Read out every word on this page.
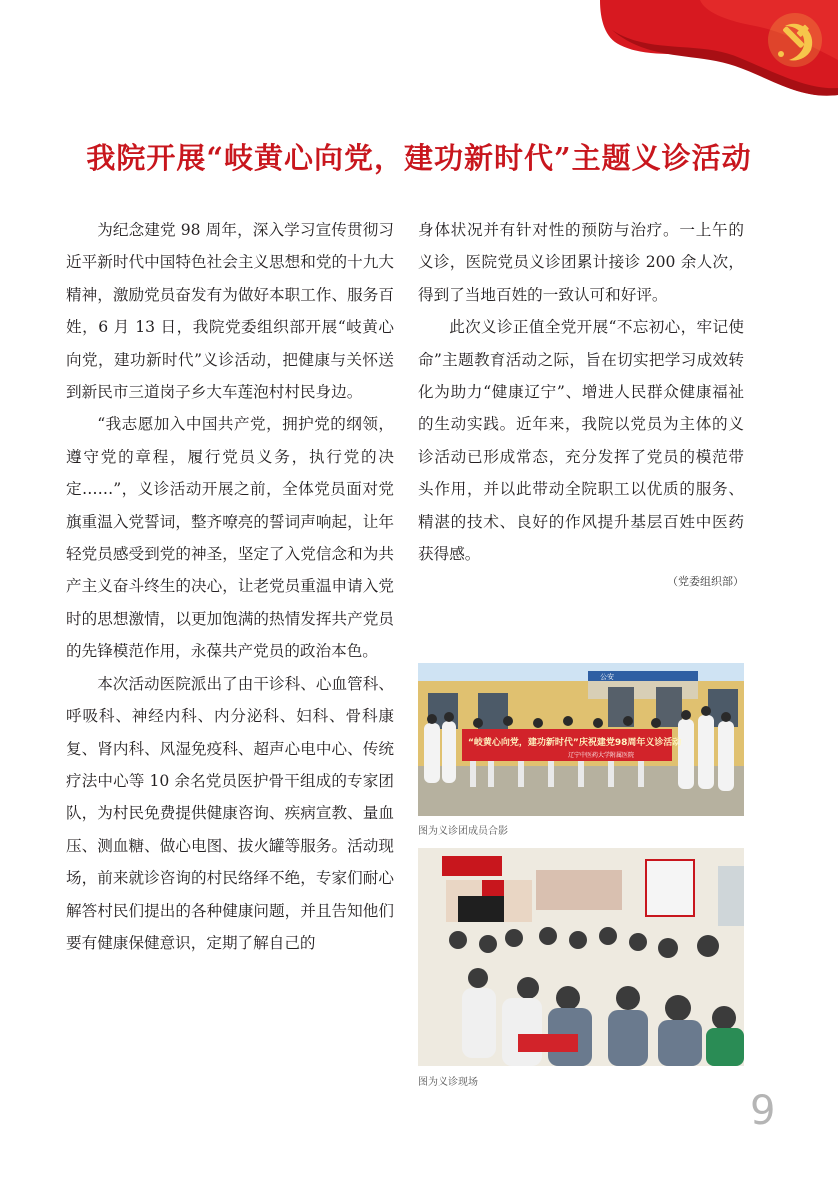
我院开展“岐黄心向党，建功新时代”主题义诊活动

为纪念建党 98 周年，深入学习宣传贯彻习近平新时代中国特色社会主义思想和党的十九大精神，激励党员奋发有为做好本职工作、服务百姓，6 月 13 日，我院党委组织部开展“岐黄心向党，建功新时代”义诊活动，把健康与关怀送到新民市三道岗子乡大车莲泡村村民身边。

“我志愿加入中国共产党，拥护党的纲领，遵守党的章程，履行党员义务，执行党的决定……”，义诊活动开展之前，全体党员面对党旗重温入党誓词，整齐嘹亮的誓词声响起，让年轻党员感受到党的神圣，坚定了入党信念和为共产主义奋斗终生的决心，让老党员重温申请入党时的思想激情，以更加饱满的热情发挥共产党员的先锋模范作用，永葆共产党员的政治本色。

本次活动医院派出了由干诊科、心血管科、呼吸科、神经内科、内分泌科、妇科、骨科康复、肾内科、风湿免疫科、超声心电中心、传统疗法中心等 10 余名党员医护骨干组成的专家团队，为村民免费提供健康咨询、疾病宣教、量血压、测血糖、做心电图、拔火罐等服务。活动现场，前来就诊咨询的村民络绎不绝，专家们耐心解答村民们提出的各种健康问题，并且告知他们要有健康保健意识，定期了解自己的

身体状况并有针对性的预防与治疗。一上午的义诊，医院党员义诊团累计接诊 200 余人次，得到了当地百姓的一致认可和好评。

此次义诊正值全党开展“不忘初心，牢记使命”主题教育活动之际，旨在切实把学习成效转化为助力“健康辽宁”、增进人民群众健康福祉的生动实践。近年来，我院以党员为主体的义诊活动已形成常态，充分发挥了党员的模范带头作用，并以此带动全院职工以优质的服务、精湛的技术、良好的作风提升基层百姓中医药获得感。

（党委组织部）
公安
“岐黄心向党，建功新时代”庆祝建党98周年义诊活动
辽宁中医药大学附属医院
图为义诊团成员合影
图为义诊现场
9
